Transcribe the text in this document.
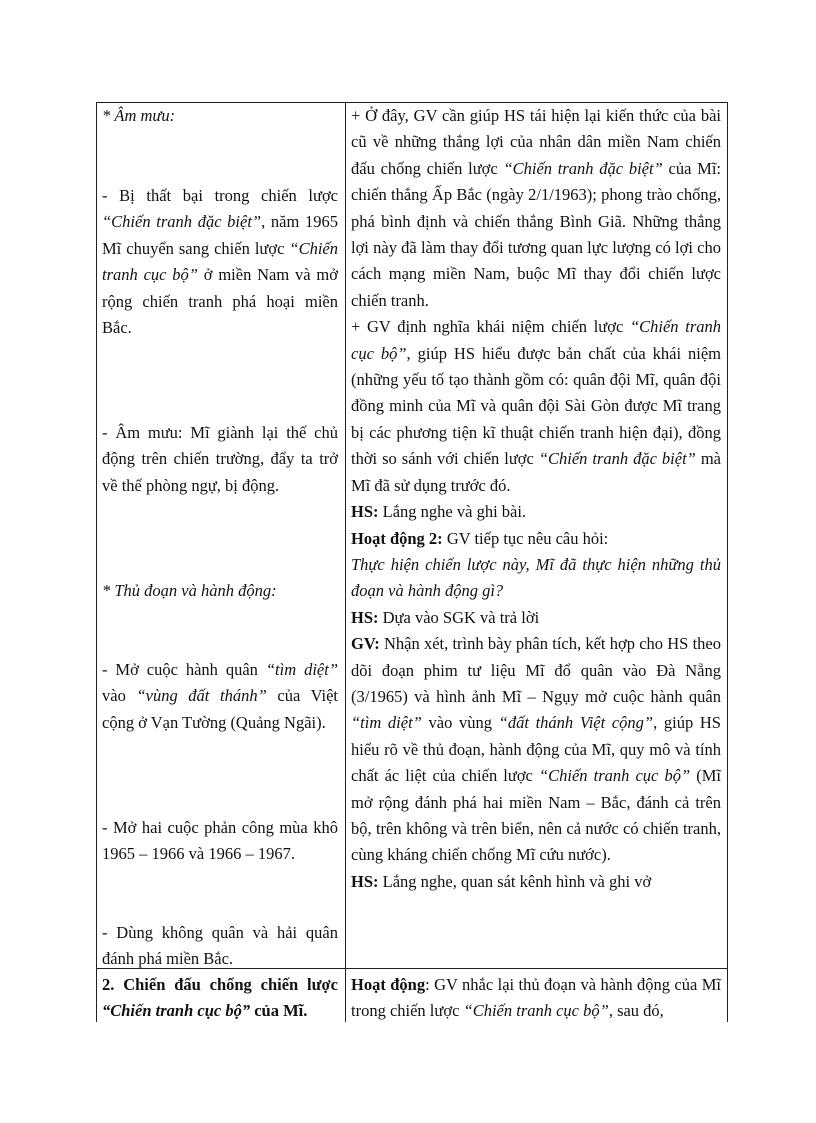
* Âm mưu:

- Bị thất bại trong chiến lược “Chiến tranh đặc biệt”, năm 1965 Mĩ chuyển sang chiến lược “Chiến tranh cục bộ” ở miền Nam và mở rộng chiến tranh phá hoại miền Bắc.

- Âm mưu: Mĩ giành lại thế chủ động trên chiến trường, đẩy ta trở về thế phòng ngự, bị động.

* Thủ đoạn và hành động:

- Mở cuộc hành quân “tìm diệt” vào “vùng đất thánh” của Việt cộng ở Vạn Tường (Quảng Ngãi).

- Mở hai cuộc phản công mùa khô 1965 – 1966 và 1966 – 1967.

- Dùng không quân và hải quân đánh phá miền Bắc.

2. Chiến đấu chống chiến lược “Chiến tranh cục bộ” của Mĩ.

+ Ở đây, GV cần giúp HS tái hiện lại kiến thức của bài cũ về những thắng lợi của nhân dân miền Nam chiến đấu chống chiến lược “Chiến tranh đặc biệt” của Mĩ: chiến thắng Ấp Bắc (ngày 2/1/1963); phong trào chống, phá bình định và chiến thắng Bình Giã. Những thắng lợi này đã làm thay đổi tương quan lực lượng có lợi cho cách mạng miền Nam, buộc Mĩ thay đổi chiến lược chiến tranh.

+ GV định nghĩa khái niệm chiến lược “Chiến tranh cục bộ”, giúp HS hiểu được bản chất của khái niệm (những yếu tố tạo thành gồm có: quân đội Mĩ, quân đội đồng minh của Mĩ và quân đội Sài Gòn được Mĩ trang bị các phương tiện kĩ thuật chiến tranh hiện đại), đồng thời so sánh với chiến lược “Chiến tranh đặc biệt” mà Mĩ đã sử dụng trước đó.

HS: Lắng nghe và ghi bài.

Hoạt động 2: GV tiếp tục nêu câu hỏi:

Thực hiện chiến lược này, Mĩ đã thực hiện những thủ đoạn và hành động gì?

HS: Dựa vào SGK và trả lời

GV: Nhận xét, trình bày phân tích, kết hợp cho HS theo dõi đoạn phim tư liệu Mĩ đổ quân vào Đà Nẵng (3/1965) và hình ảnh Mĩ – Ngụy mở cuộc hành quân “tìm diệt” vào vùng “đất thánh Việt cộng”, giúp HS hiểu rõ về thủ đoạn, hành động của Mĩ, quy mô và tính chất ác liệt của chiến lược “Chiến tranh cục bộ” (Mĩ mở rộng đánh phá hai miền Nam – Bắc, đánh cả trên bộ, trên không và trên biển, nên cả nước có chiến tranh, cùng kháng chiến chống Mĩ cứu nước).

HS: Lắng nghe, quan sát kênh hình và ghi vở

Hoạt động: GV nhắc lại thủ đoạn và hành động của Mĩ trong chiến lược “Chiến tranh cục bộ”, sau đó,
